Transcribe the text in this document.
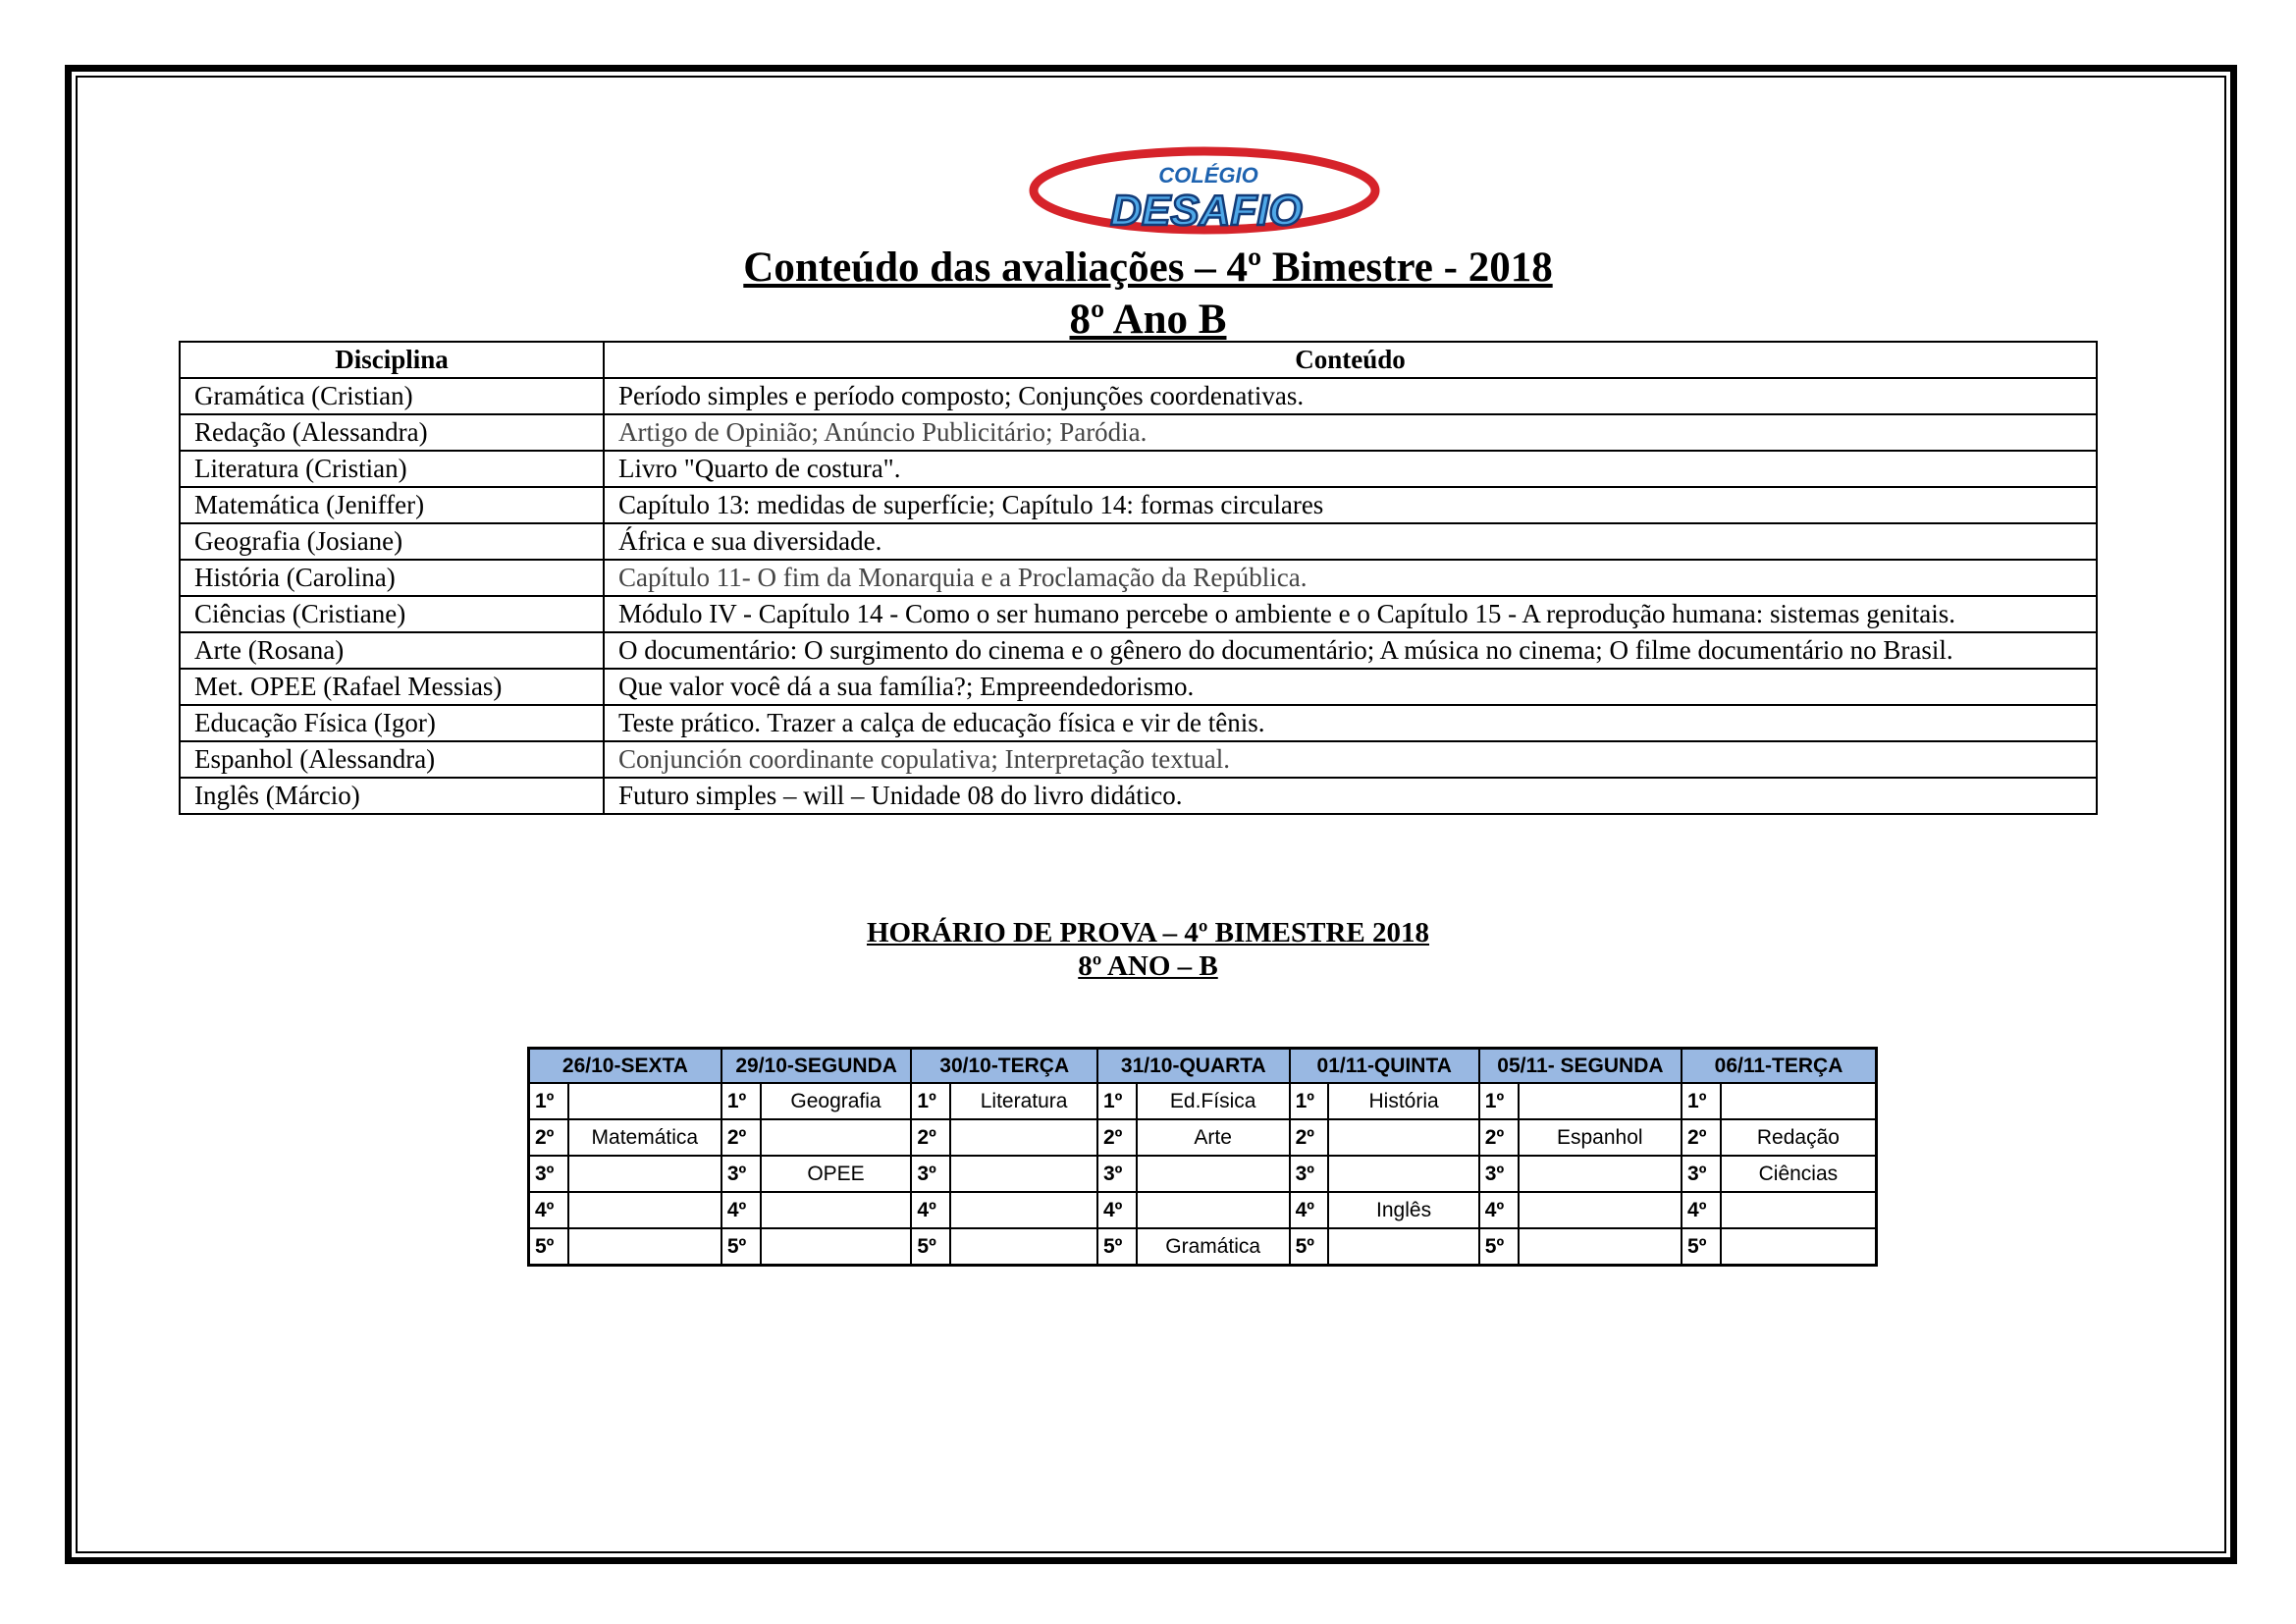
COLÉGIO
DESAFIO
Conteúdo das avaliações – 4º Bimestre - 2018
8º Ano B
Disciplina	Conteúdo
Gramática (Cristian)	Período simples e período composto; Conjunções coordenativas.
Redação (Alessandra)	Artigo de Opinião; Anúncio Publicitário; Paródia.
Literatura (Cristian)	Livro "Quarto de costura".
Matemática (Jeniffer)	Capítulo 13: medidas de superfície; Capítulo 14: formas circulares
Geografia (Josiane)	África e sua diversidade.
História (Carolina)	Capítulo 11- O fim da Monarquia e a Proclamação da República.
Ciências (Cristiane)	Módulo IV - Capítulo 14 - Como o ser humano percebe o ambiente e o Capítulo 15 - A reprodução humana: sistemas genitais.
Arte (Rosana)	O documentário: O surgimento do cinema e o gênero do documentário; A música no cinema; O filme documentário no Brasil.
Met. OPEE (Rafael Messias)	Que valor você dá a sua família?; Empreendedorismo.
Educação Física (Igor)	Teste prático. Trazer a calça de educação física e vir de tênis.
Espanhol (Alessandra)	Conjunción coordinante copulativa; Interpretação textual.
Inglês (Márcio)	Futuro simples – will – Unidade 08 do livro didático.
HORÁRIO DE PROVA – 4º BIMESTRE 2018
8º ANO – B
26/10-SEXTA		29/10-SEGUNDA		30/10-TERÇA		31/10-QUARTA		01/11-QUINTA		05/11- SEGUNDA		06/11-TERÇA	
1º		1º	Geografia	1º	Literatura	1º	Ed.Física	1º	História	1º		1º	
2º	Matemática	2º		2º		2º	Arte	2º		2º	Espanhol	2º	Redação
3º		3º	OPEE	3º		3º		3º		3º		3º	Ciências
4º		4º		4º		4º		4º	Inglês	4º		4º	
5º		5º		5º		5º	Gramática	5º		5º		5º	
